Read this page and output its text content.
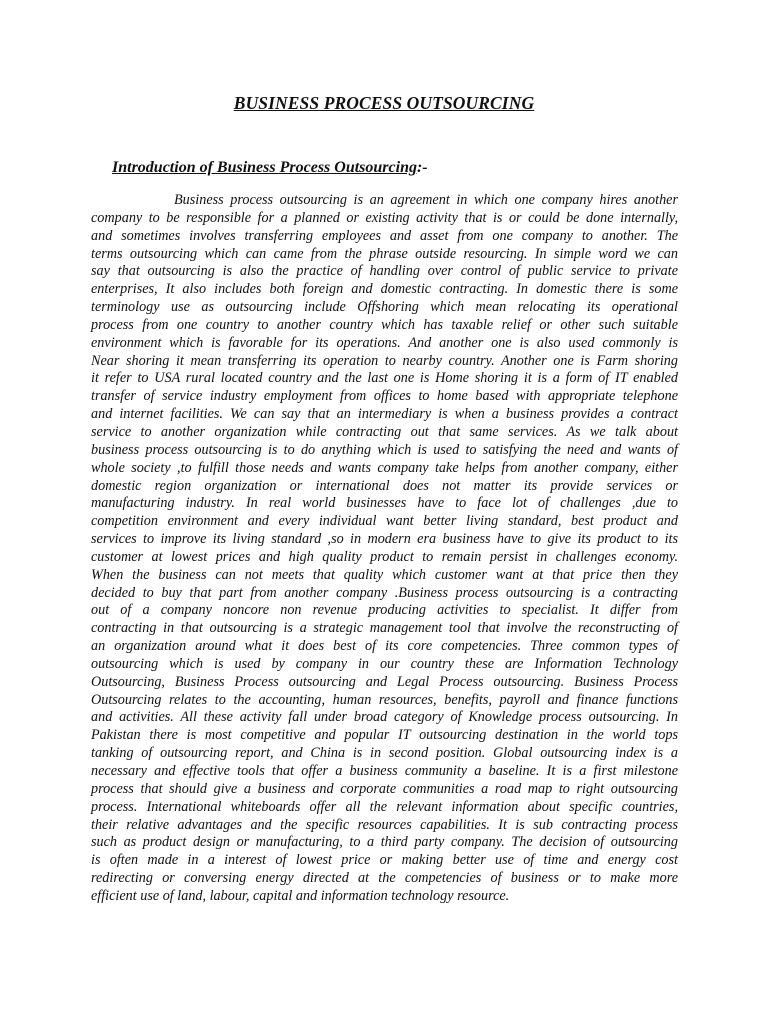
BUSINESS PROCESS OUTSOURCING
Introduction of Business Process Outsourcing:-
Business process outsourcing is an agreement in which one company hires another
company to be responsible for a planned or existing activity that is or could be done internally,
and sometimes involves transferring employees and asset from one company to another. The
terms outsourcing which can came from the phrase outside resourcing. In simple word we can
say that outsourcing is also the practice of handling over control of public service to private
enterprises, It also includes both foreign and domestic contracting. In domestic there is some
terminology use as outsourcing include Offshoring which mean relocating its operational
process from one country to another country which has taxable relief or other such suitable
environment which is favorable for its operations. And another one is also used commonly is
Near shoring it mean transferring its operation to nearby country. Another one is Farm shoring
it refer to USA rural located country and the last one is Home shoring it is a form of IT enabled
transfer of service industry employment from offices to home based with appropriate telephone
and internet facilities. We can say that an intermediary is when a business provides a contract
service to another organization while contracting out that same services. As we talk about
business process outsourcing is to do anything which is used to satisfying the need and wants of
whole society ,to fulfill those needs and wants company take helps from another company, either
domestic region organization or international does not matter its provide services or
manufacturing industry. In real world businesses have to face lot of challenges ,due to
competition environment and every individual want better living standard, best product and
services to improve its living standard ,so in modern era business have to give its product to its
customer at lowest prices and high quality product to remain persist in challenges economy.
When the business can not meets that quality which customer want at that price then they
decided to buy that part from another company .Business process outsourcing is a contracting
out of a company noncore non revenue producing activities to specialist. It differ from
contracting in that outsourcing is a strategic management tool that involve the reconstructing of
an organization around what it does best of its core competencies. Three common types of
outsourcing which is used by company in our country these are Information Technology
Outsourcing, Business Process outsourcing and Legal Process outsourcing. Business Process
Outsourcing relates to the accounting, human resources, benefits, payroll and finance functions
and activities. All these activity fall under broad category of Knowledge process outsourcing. In
Pakistan there is most competitive and popular IT outsourcing destination in the world tops
tanking of outsourcing report, and China is in second position. Global outsourcing index is a
necessary and effective tools that offer a business community a baseline. It is a first milestone
process that should give a business and corporate communities a road map to right outsourcing
process. International whiteboards offer all the relevant information about specific countries,
their relative advantages and the specific resources capabilities. It is sub contracting process
such as product design or manufacturing, to a third party company. The decision of outsourcing
is often made in a interest of lowest price or making better use of time and energy cost
redirecting or conversing energy directed at the competencies of business or to make more
efficient use of land, labour, capital and information technology resource.
